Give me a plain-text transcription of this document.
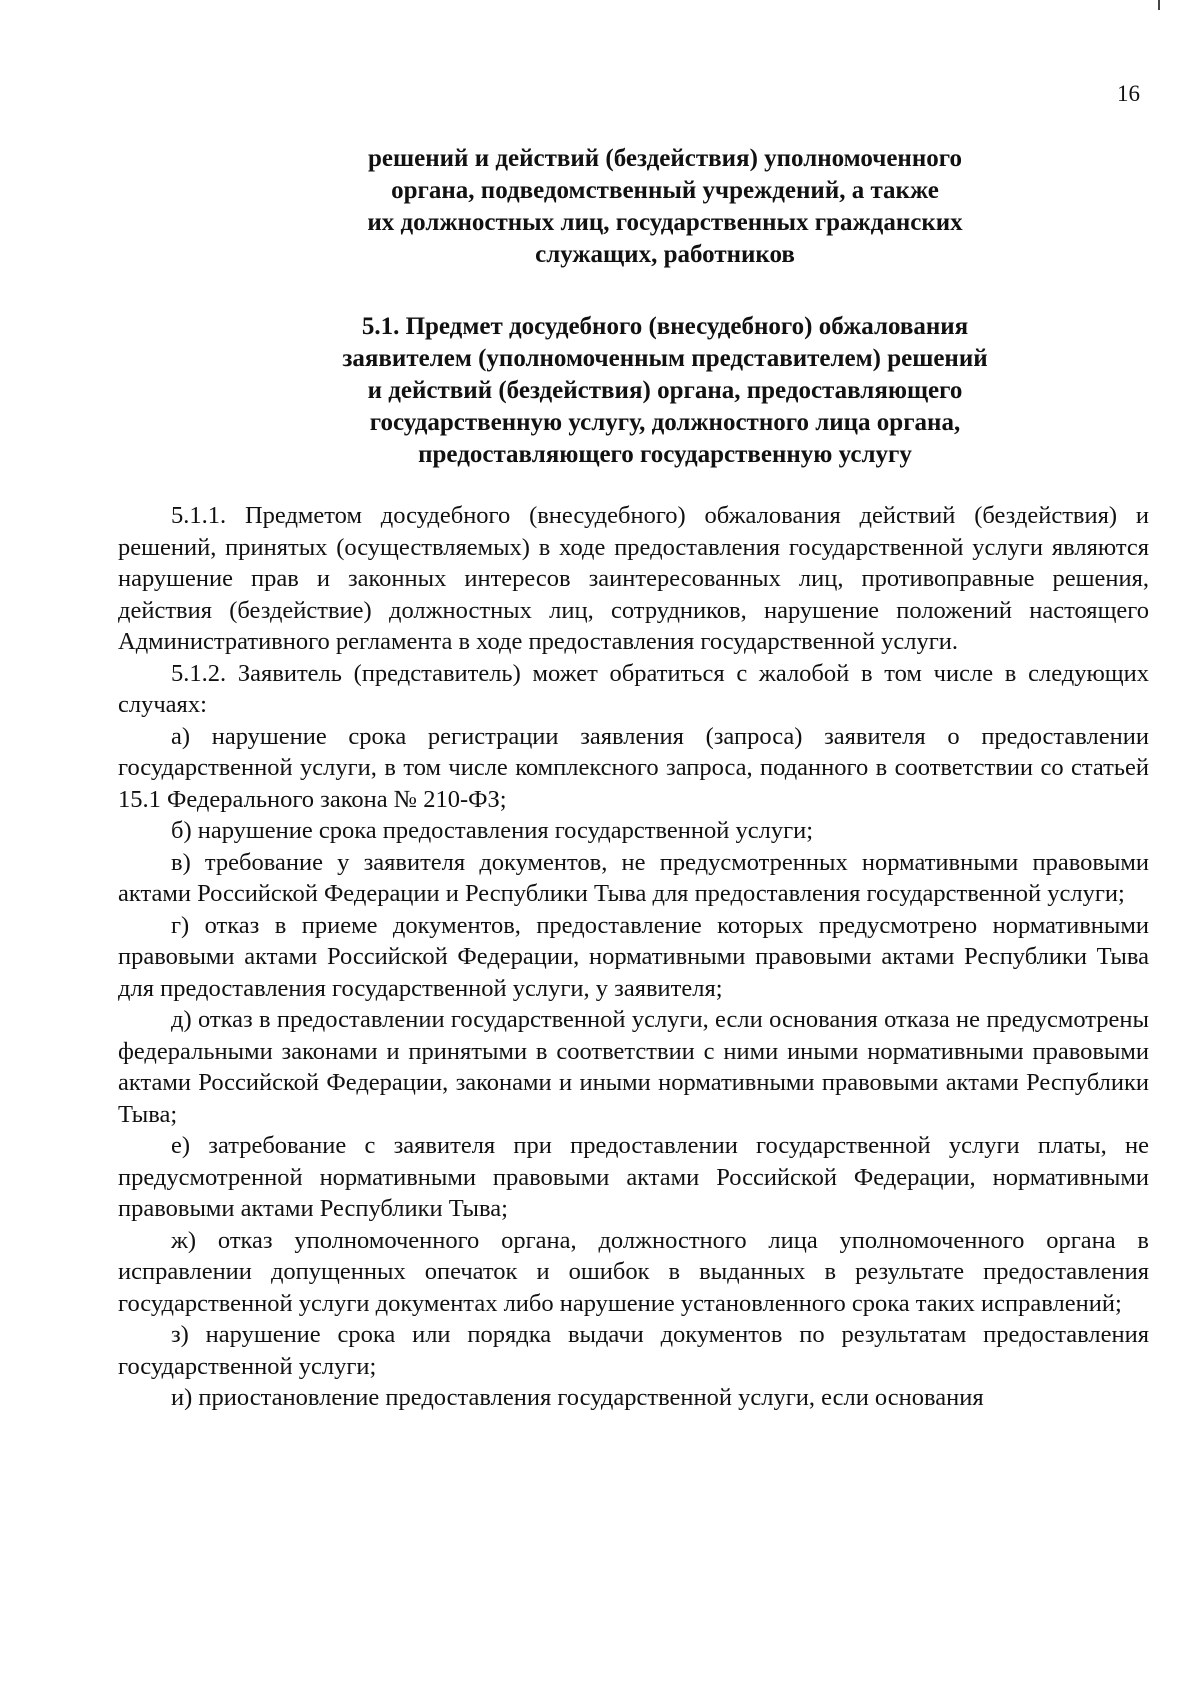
16
решений и действий (бездействия) уполномоченного
органа, подведомственный учреждений, а также
их должностных лиц, государственных гражданских
служащих, работников
5.1. Предмет досудебного (внесудебного) обжалования
заявителем (уполномоченным представителем) решений
и действий (бездействия) органа, предоставляющего
государственную услугу, должностного лица органа,
предоставляющего государственную услугу

5.1.1. Предметом досудебного (внесудебного) обжалования действий (бездействия) и решений, принятых (осуществляемых) в ходе предоставления государственной услуги являются нарушение прав и законных интересов заинтересованных лиц, противоправные решения, действия (бездействие) должностных лиц, сотрудников, нарушение положений настоящего Административного регламента в ходе предоставления государственной услуги.

5.1.2. Заявитель (представитель) может обратиться с жалобой в том числе в следующих случаях:

а) нарушение срока регистрации заявления (запроса) заявителя о предоставлении государственной услуги, в том числе комплексного запроса, поданного в соответствии со статьей 15.1 Федерального закона № 210-ФЗ;

б) нарушение срока предоставления государственной услуги;

в) требование у заявителя документов, не предусмотренных нормативными правовыми актами Российской Федерации и Республики Тыва для предоставления государственной услуги;

г) отказ в приеме документов, предоставление которых предусмотрено нормативными правовыми актами Российской Федерации, нормативными правовыми актами Республики Тыва для предоставления государственной услуги, у заявителя;

д) отказ в предоставлении государственной услуги, если основания отказа не предусмотрены федеральными законами и принятыми в соответствии с ними иными нормативными правовыми актами Российской Федерации, законами и иными нормативными правовыми актами Республики Тыва;

е) затребование с заявителя при предоставлении государственной услуги платы, не предусмотренной нормативными правовыми актами Российской Федерации, нормативными правовыми актами Республики Тыва;

ж) отказ уполномоченного органа, должностного лица уполномоченного органа в исправлении допущенных опечаток и ошибок в выданных в результате предоставления государственной услуги документах либо нарушение установленного срока таких исправлений;

з) нарушение срока или порядка выдачи документов по результатам предоставления государственной услуги;

и) приостановление предоставления государственной услуги, если основания
